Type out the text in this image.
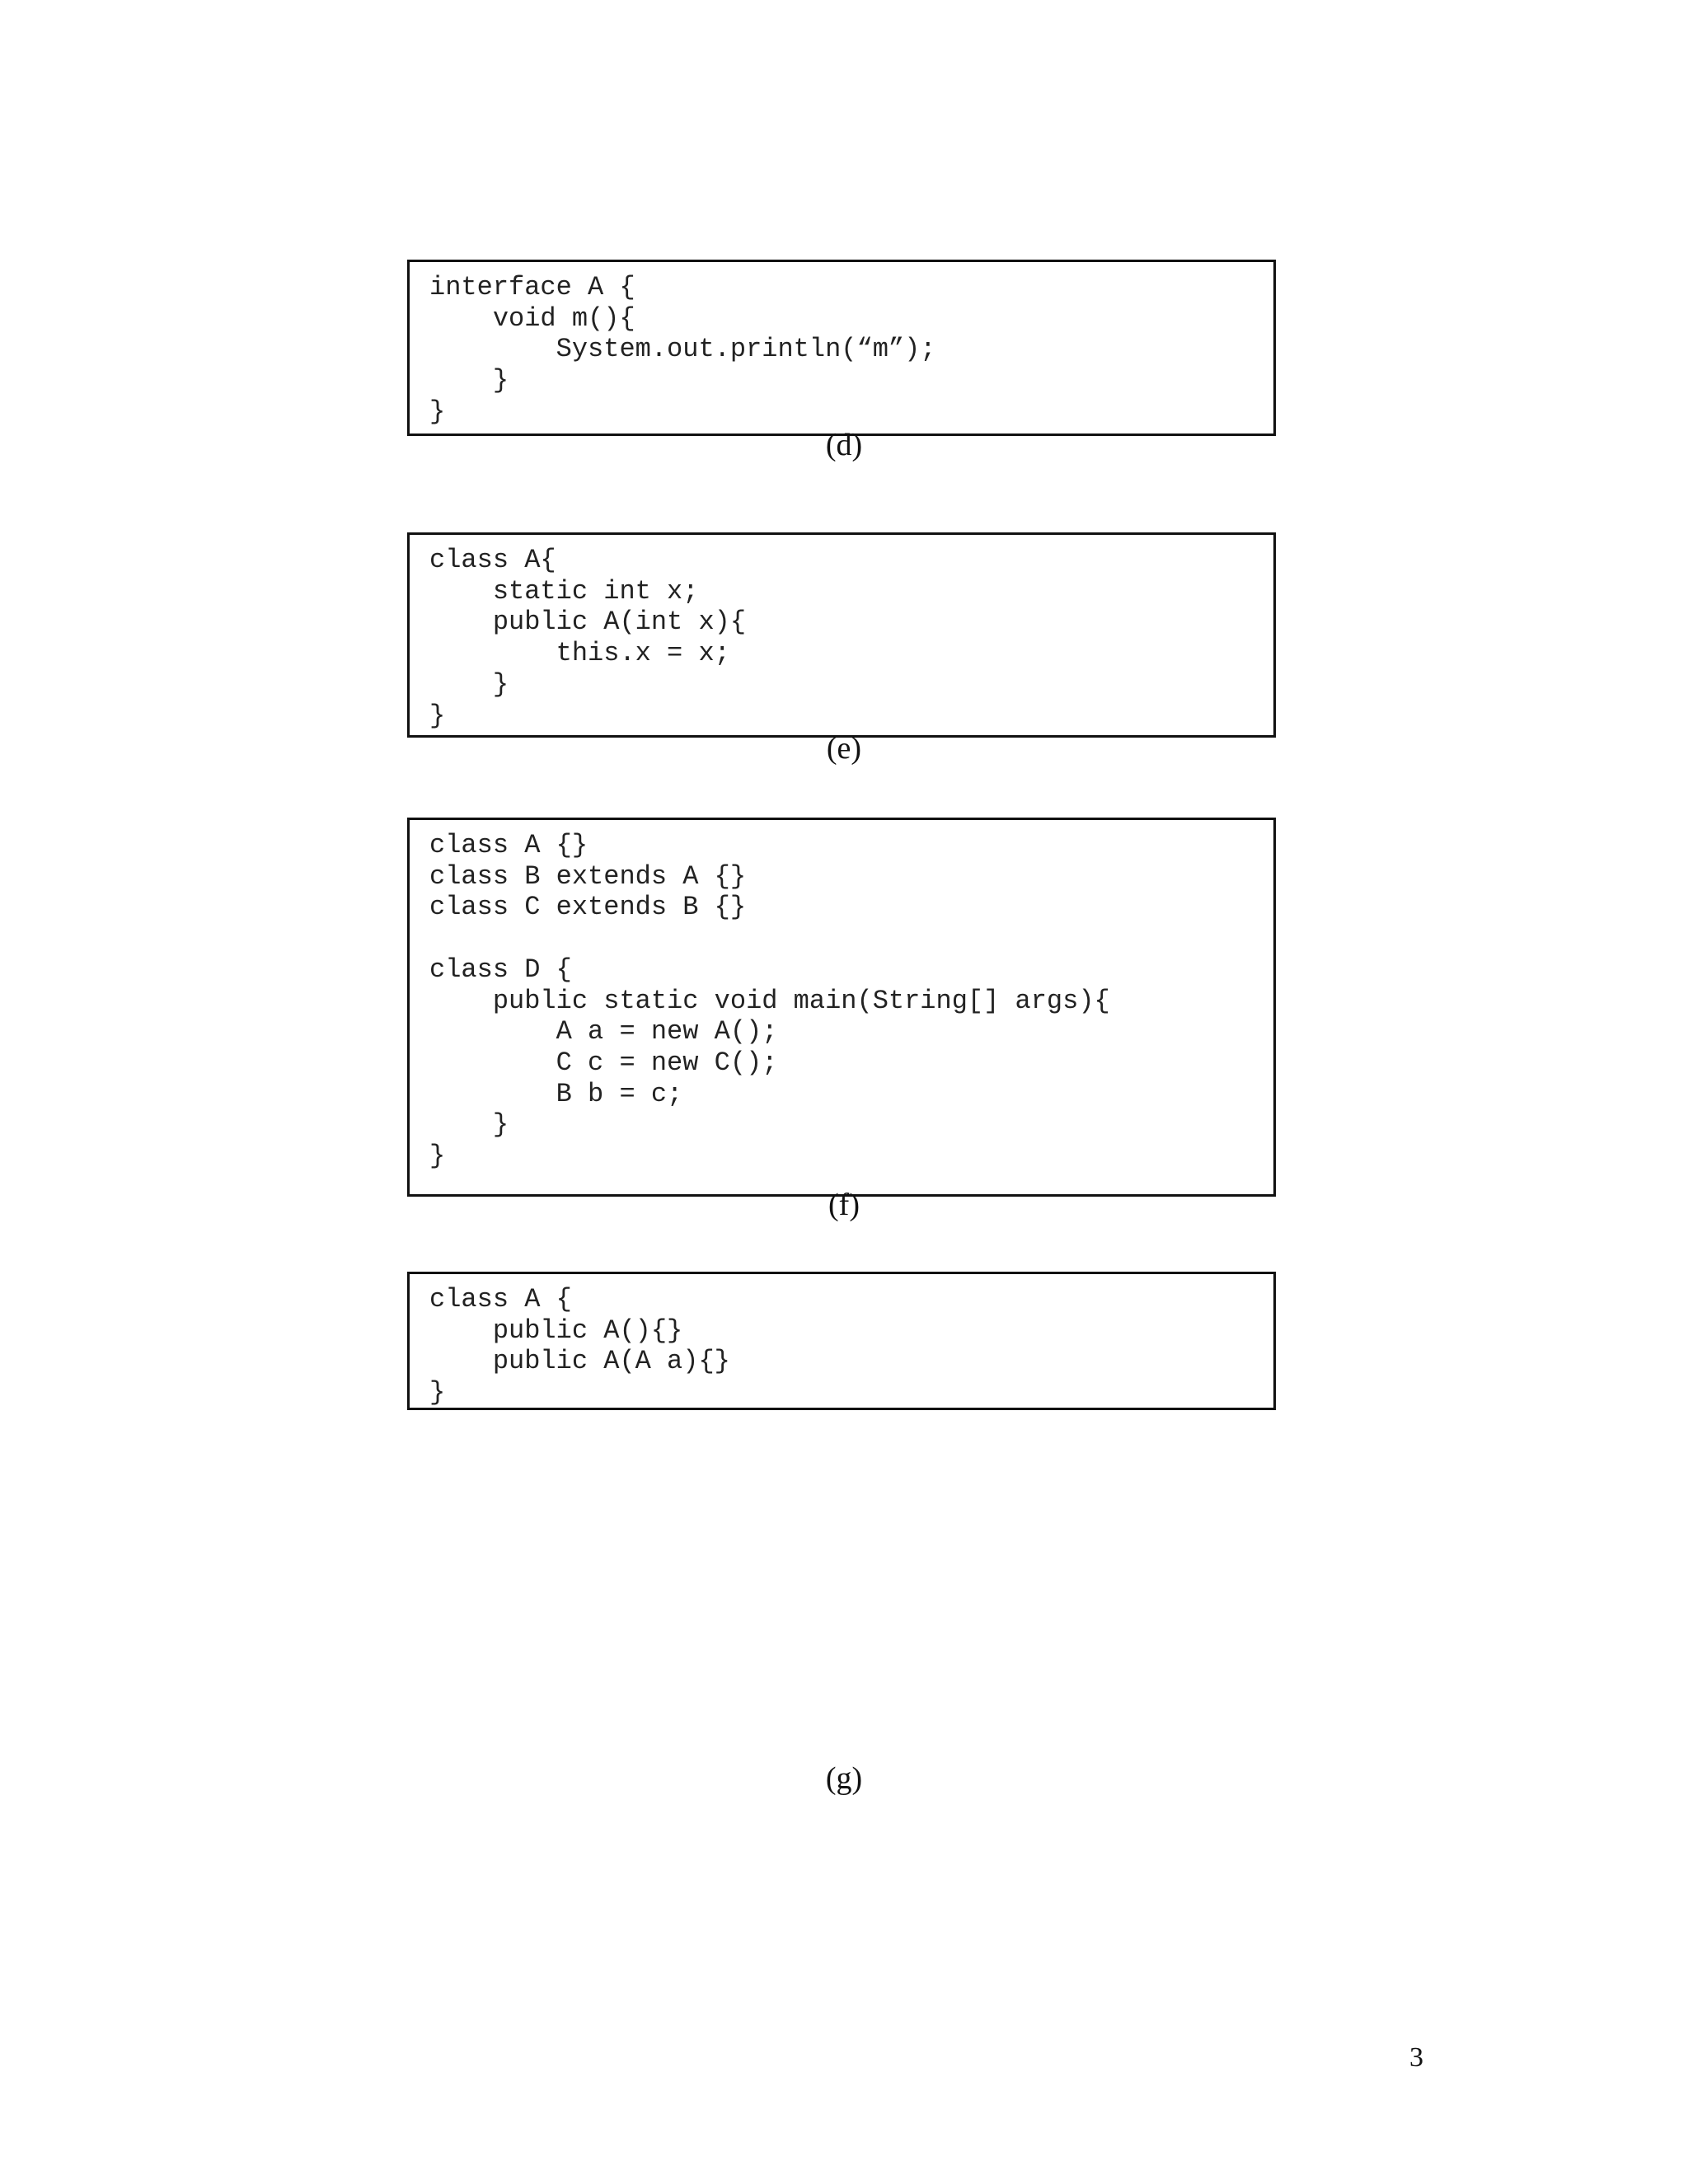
interface A {
	void m(){
		System.out.println(“m”);
	}
}
(d)
class A{
	static int x;
	public A(int x){
		this.x = x;
	}
}
(e)
class A {}
class B extends A {}
class C extends B {}

class D {
	public static void main(String[] args){
		A a = new A();
		C c = new C();
		B b = c;
	}
}
(f)
class A {
	public A(){}
	public A(A a){}
}
(g)
3
